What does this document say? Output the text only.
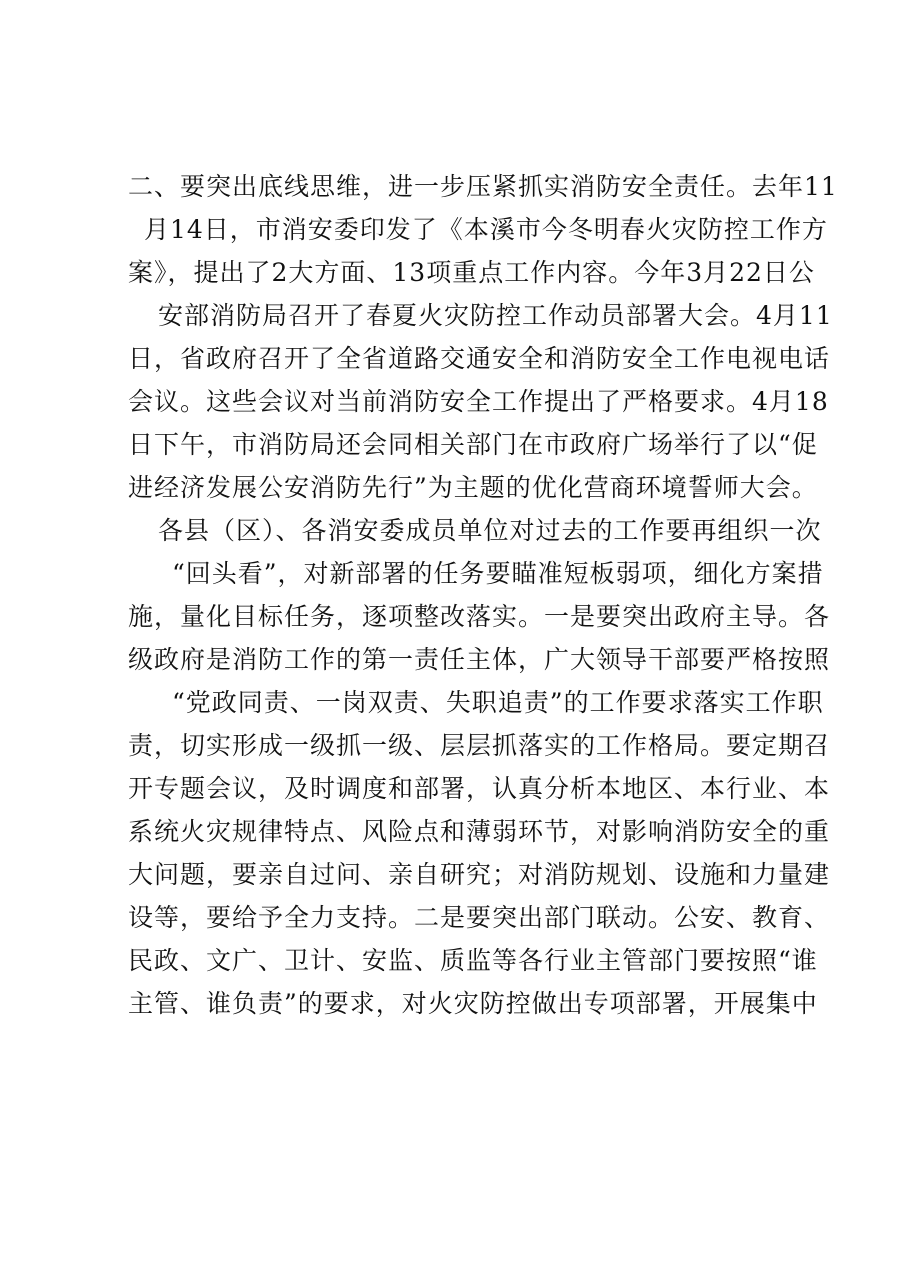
二、要突出底线思维，进一步压紧抓实消防安全责任。去年11
月14日，市消安委印发了《本溪市今冬明春火灾防控工作方
案》，提出了2大方面、13项重点工作内容。今年3月22日公
安部消防局召开了春夏火灾防控工作动员部署大会。4月11
日，省政府召开了全省道路交通安全和消防安全工作电视电话
会议。这些会议对当前消防安全工作提出了严格要求。4月18
日下午，市消防局还会同相关部门在市政府广场举行了以“促
进经济发展公安消防先行”为主题的优化营商环境誓师大会。
各县（区）、各消安委成员单位对过去的工作要再组织一次
“回头看”，对新部署的任务要瞄准短板弱项，细化方案措
施，量化目标任务，逐项整改落实。一是要突出政府主导。各
级政府是消防工作的第一责任主体，广大领导干部要严格按照
“党政同责、一岗双责、失职追责”的工作要求落实工作职
责，切实形成一级抓一级、层层抓落实的工作格局。要定期召
开专题会议，及时调度和部署，认真分析本地区、本行业、本
系统火灾规律特点、风险点和薄弱环节，对影响消防安全的重
大问题，要亲自过问、亲自研究；对消防规划、设施和力量建
设等，要给予全力支持。二是要突出部门联动。公安、教育、
民政、文广、卫计、安监、质监等各行业主管部门要按照“谁
主管、谁负责”的要求，对火灾防控做出专项部署，开展集中
